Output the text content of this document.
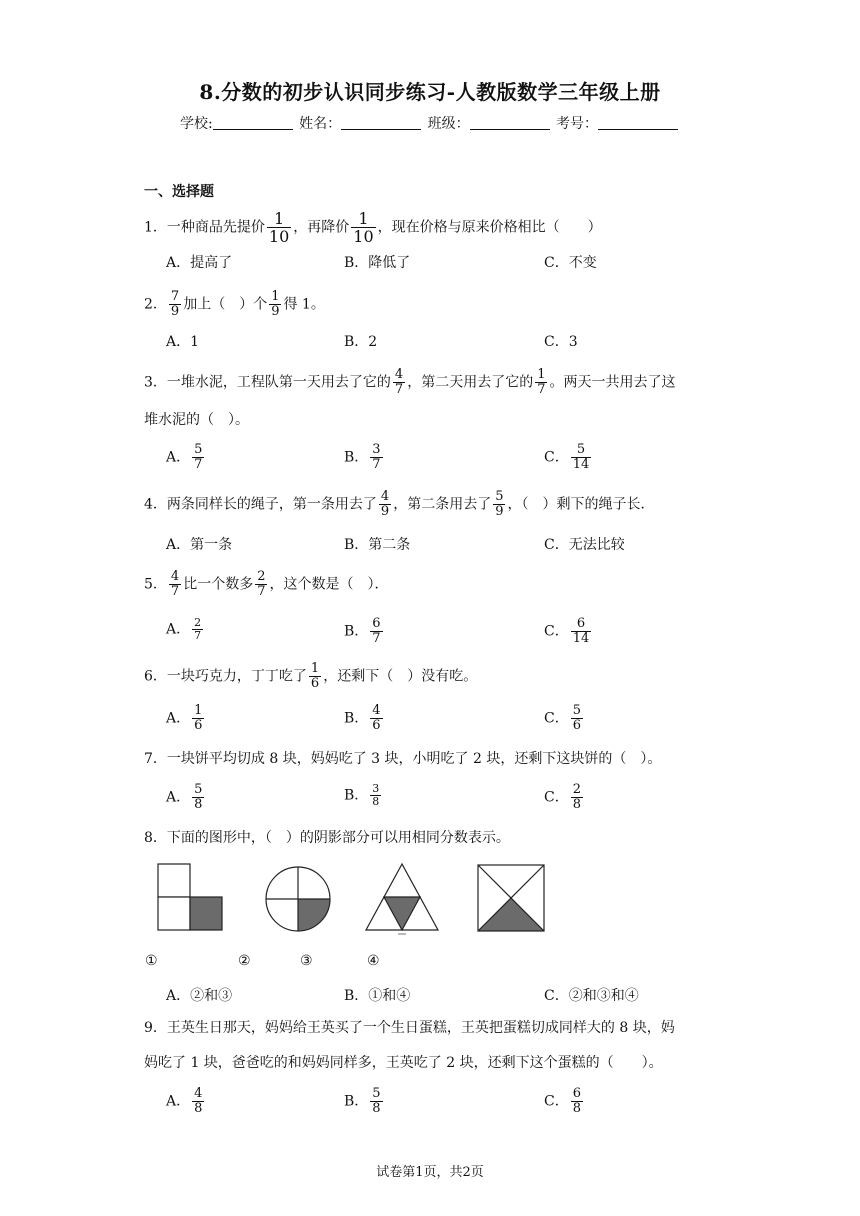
8.分数的初步认识同步练习-人教版数学三年级上册
学校:	姓名：	班级：	考号：
一、选择题
1．一种商品先提价 $\frac{1}{10}$ ，再降价 $\frac{1}{10}$ ，现在价格与原来价格相比（　　）
A．提高了	B．降低了	C．不变
2． $\frac{7}{9}$ 加上（　）个 $\frac{1}{9}$ 得 1。
A．1	B．2	C．3
3．一堆水泥，工程队第一天用去了它的 $\frac{4}{7}$ ，第二天用去了它的 $\frac{1}{7}$ 。两天一共用去了这
堆水泥的（　）。
A． $\frac{5}{7}$	B． $\frac{3}{7}$	C． $\frac{5}{14}$
4．两条同样长的绳子，第一条用去了 $\frac{4}{9}$ ，第二条用去了 $\frac{5}{9}$ ，（　）剩下的绳子长．
A．第一条	B．第二条	C．无法比较
5． $\frac{4}{7}$ 比一个数多 $\frac{2}{7}$ ，这个数是（　）．
A． $\frac{2}{7}$	B． $\frac{6}{7}$	C． $\frac{6}{14}$
6．一块巧克力，丁丁吃了 $\frac{1}{6}$ ，还剩下（　）没有吃。
A． $\frac{1}{6}$	B． $\frac{4}{6}$	C． $\frac{5}{6}$
7．一块饼平均切成 8 块，妈妈吃了 3 块，小明吃了 2 块，还剩下这块饼的（　）。
A． $\frac{5}{8}$	B． $\frac{3}{8}$	C． $\frac{2}{8}$
8．下面的图形中，（　）的阴影部分可以用相同分数表示。
①	②	③	④
A．②和③	B．①和④	C．②和③和④
9．王英生日那天，妈妈给王英买了一个生日蛋糕，王英把蛋糕切成同样大的 8 块，妈
妈吃了 1 块，爸爸吃的和妈妈同样多，王英吃了 2 块，还剩下这个蛋糕的（　　）。
A． $\frac{4}{8}$	B． $\frac{5}{8}$	C． $\frac{6}{8}$
试卷第1页，共2页
